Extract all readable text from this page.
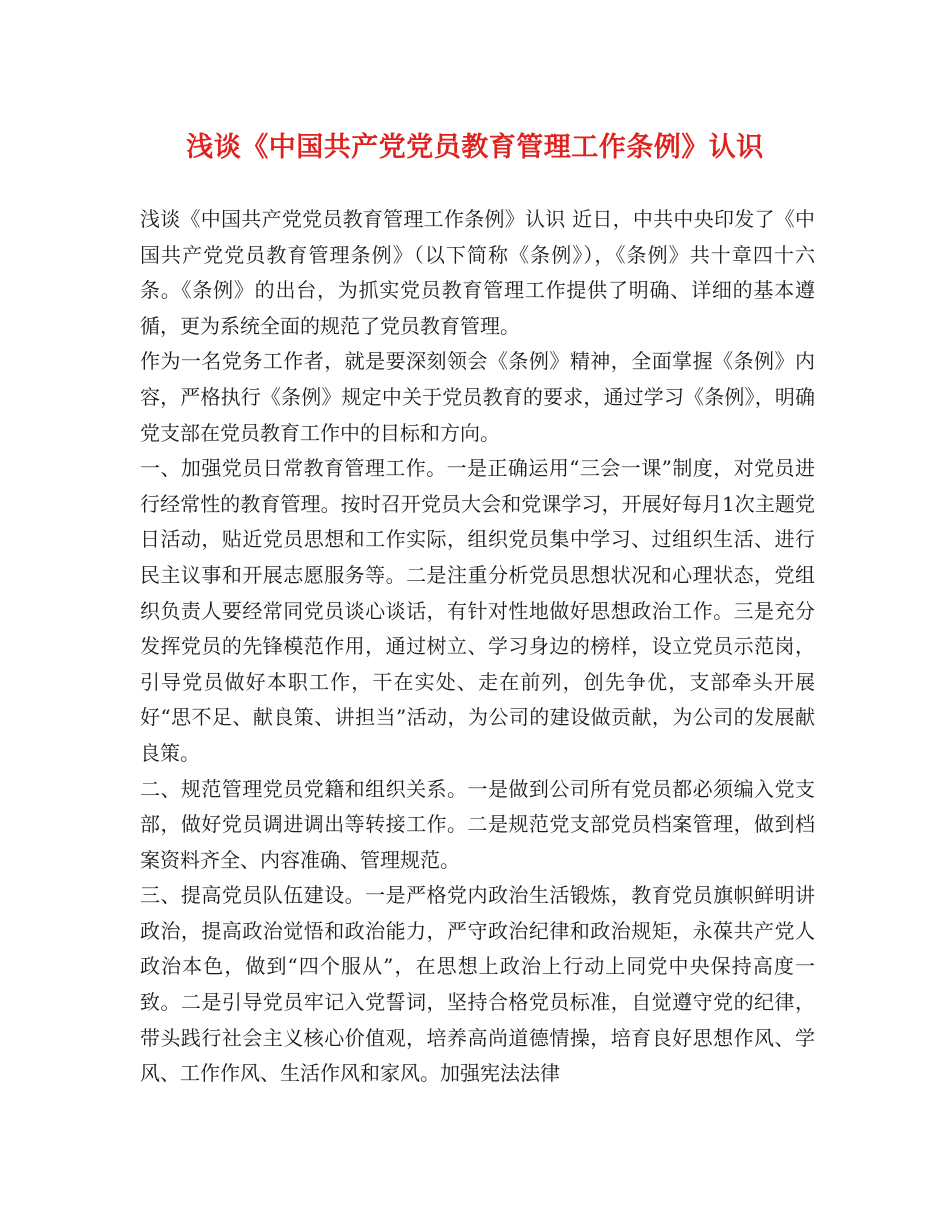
浅谈《中国共产党党员教育管理工作条例》认识

浅谈《中国共产党党员教育管理工作条例》认识 近日，中共中央印发了《中国共产党党员教育管理条例》（以下简称《条例》），《条例》共十章四十六条。《条例》的出台，为抓实党员教育管理工作提供了明确、详细的基本遵循，更为系统全面的规范了党员教育管理。

作为一名党务工作者，就是要深刻领会《条例》精神，全面掌握《条例》内容，严格执行《条例》规定中关于党员教育的要求，通过学习《条例》，明确党支部在党员教育工作中的目标和方向。

一、加强党员日常教育管理工作。一是正确运用“三会一课”制度，对党员进行经常性的教育管理。按时召开党员大会和党课学习，开展好每月1次主题党日活动，贴近党员思想和工作实际，组织党员集中学习、过组织生活、进行民主议事和开展志愿服务等。二是注重分析党员思想状况和心理状态，党组织负责人要经常同党员谈心谈话，有针对性地做好思想政治工作。三是充分发挥党员的先锋模范作用，通过树立、学习身边的榜样，设立党员示范岗，引导党员做好本职工作，干在实处、走在前列，创先争优，支部牵头开展好“思不足、献良策、讲担当”活动，为公司的建设做贡献，为公司的发展献良策。

二、规范管理党员党籍和组织关系。一是做到公司所有党员都必须编入党支部，做好党员调进调出等转接工作。二是规范党支部党员档案管理，做到档案资料齐全、内容准确、管理规范。

三、提高党员队伍建设。一是严格党内政治生活锻炼，教育党员旗帜鲜明讲政治，提高政治觉悟和政治能力，严守政治纪律和政治规矩，永葆共产党人政治本色，做到“四个服从”，在思想上政治上行动上同党中央保持高度一致。二是引导党员牢记入党誓词，坚持合格党员标准，自觉遵守党的纪律，带头践行社会主义核心价值观，培养高尚道德情操，培育良好思想作风、学风、工作作风、生活作风和家风。加强宪法法律
